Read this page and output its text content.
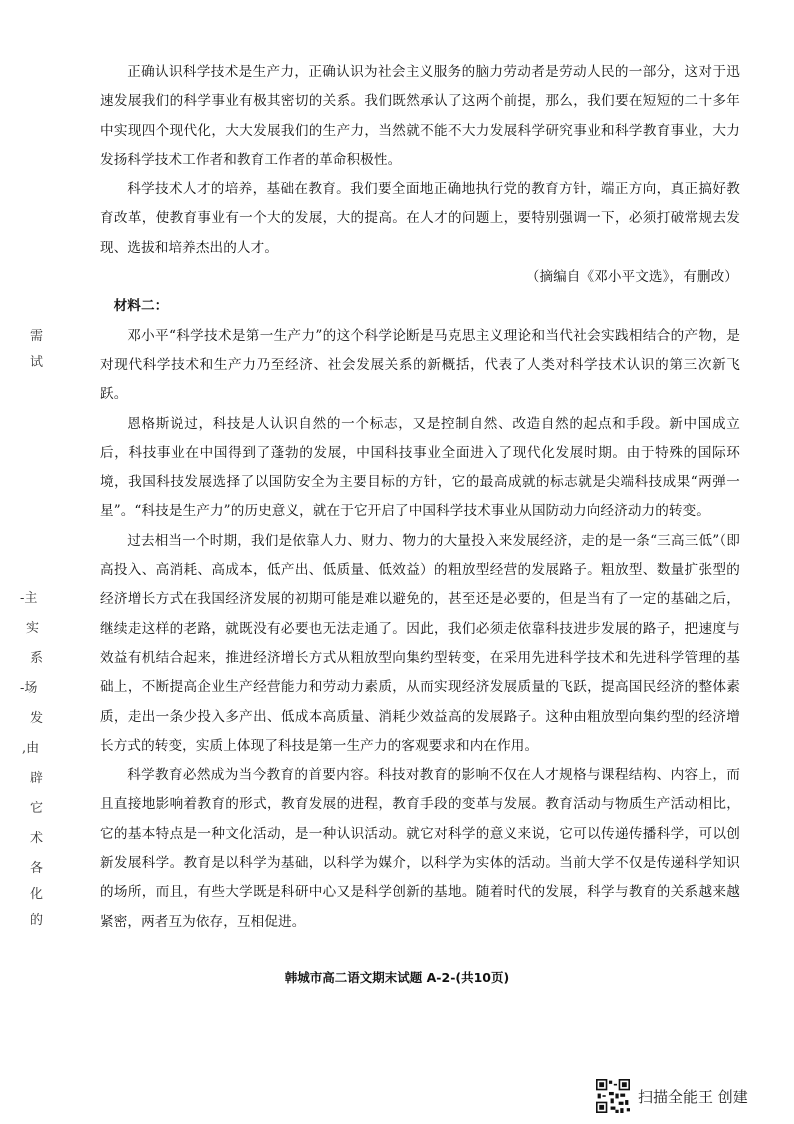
需
试
-主
实
系
-场
发
,由
辟
它
术
各
化
的

正确认识科学技术是生产力，正确认识为社会主义服务的脑力劳动者是劳动人民的一部分，这对于迅速发展我们的科学事业有极其密切的关系。我们既然承认了这两个前提，那么，我们要在短短的二十多年中实现四个现代化，大大发展我们的生产力，当然就不能不大力发展科学研究事业和科学教育事业，大力发扬科学技术工作者和教育工作者的革命积极性。

科学技术人才的培养，基础在教育。我们要全面地正确地执行党的教育方针，端正方向，真正搞好教育改革，使教育事业有一个大的发展，大的提高。在人才的问题上，要特别强调一下，必须打破常规去发现、选拔和培养杰出的人才。

（摘编自《邓小平文选》，有删改）

材料二：

邓小平“科学技术是第一生产力”的这个科学论断是马克思主义理论和当代社会实践相结合的产物，是对现代科学技术和生产力乃至经济、社会发展关系的新概括，代表了人类对科学技术认识的第三次新飞跃。

恩格斯说过，科技是人认识自然的一个标志，又是控制自然、改造自然的起点和手段。新中国成立后，科技事业在中国得到了蓬勃的发展，中国科技事业全面进入了现代化发展时期。由于特殊的国际环境，我国科技发展选择了以国防安全为主要目标的方针，它的最高成就的标志就是尖端科技成果“两弹一星”。“科技是生产力”的历史意义，就在于它开启了中国科学技术事业从国防动力向经济动力的转变。

过去相当一个时期，我们是依靠人力、财力、物力的大量投入来发展经济，走的是一条“三高三低”（即高投入、高消耗、高成本，低产出、低质量、低效益）的粗放型经营的发展路子。粗放型、数量扩张型的经济增长方式在我国经济发展的初期可能是难以避免的，甚至还是必要的，但是当有了一定的基础之后，继续走这样的老路，就既没有必要也无法走通了。因此，我们必须走依靠科技进步发展的路子，把速度与效益有机结合起来，推进经济增长方式从粗放型向集约型转变，在采用先进科学技术和先进科学管理的基础上，不断提高企业生产经营能力和劳动力素质，从而实现经济发展质量的飞跃，提高国民经济的整体素质，走出一条少投入多产出、低成本高质量、消耗少效益高的发展路子。这种由粗放型向集约型的经济增长方式的转变，实质上体现了科技是第一生产力的客观要求和内在作用。

科学教育必然成为当今教育的首要内容。科技对教育的影响不仅在人才规格与课程结构、内容上，而且直接地影响着教育的形式，教育发展的进程，教育手段的变革与发展。教育活动与物质生产活动相比，它的基本特点是一种文化活动，是一种认识活动。就它对科学的意义来说，它可以传递传播科学，可以创新发展科学。教育是以科学为基础，以科学为媒介，以科学为实体的活动。当前大学不仅是传递科学知识的场所，而且，有些大学既是科研中心又是科学创新的基地。随着时代的发展，科学与教育的关系越来越紧密，两者互为依存，互相促进。

韩城市高二语文期末试题 A-2-(共10页)
扫描全能王 创建
